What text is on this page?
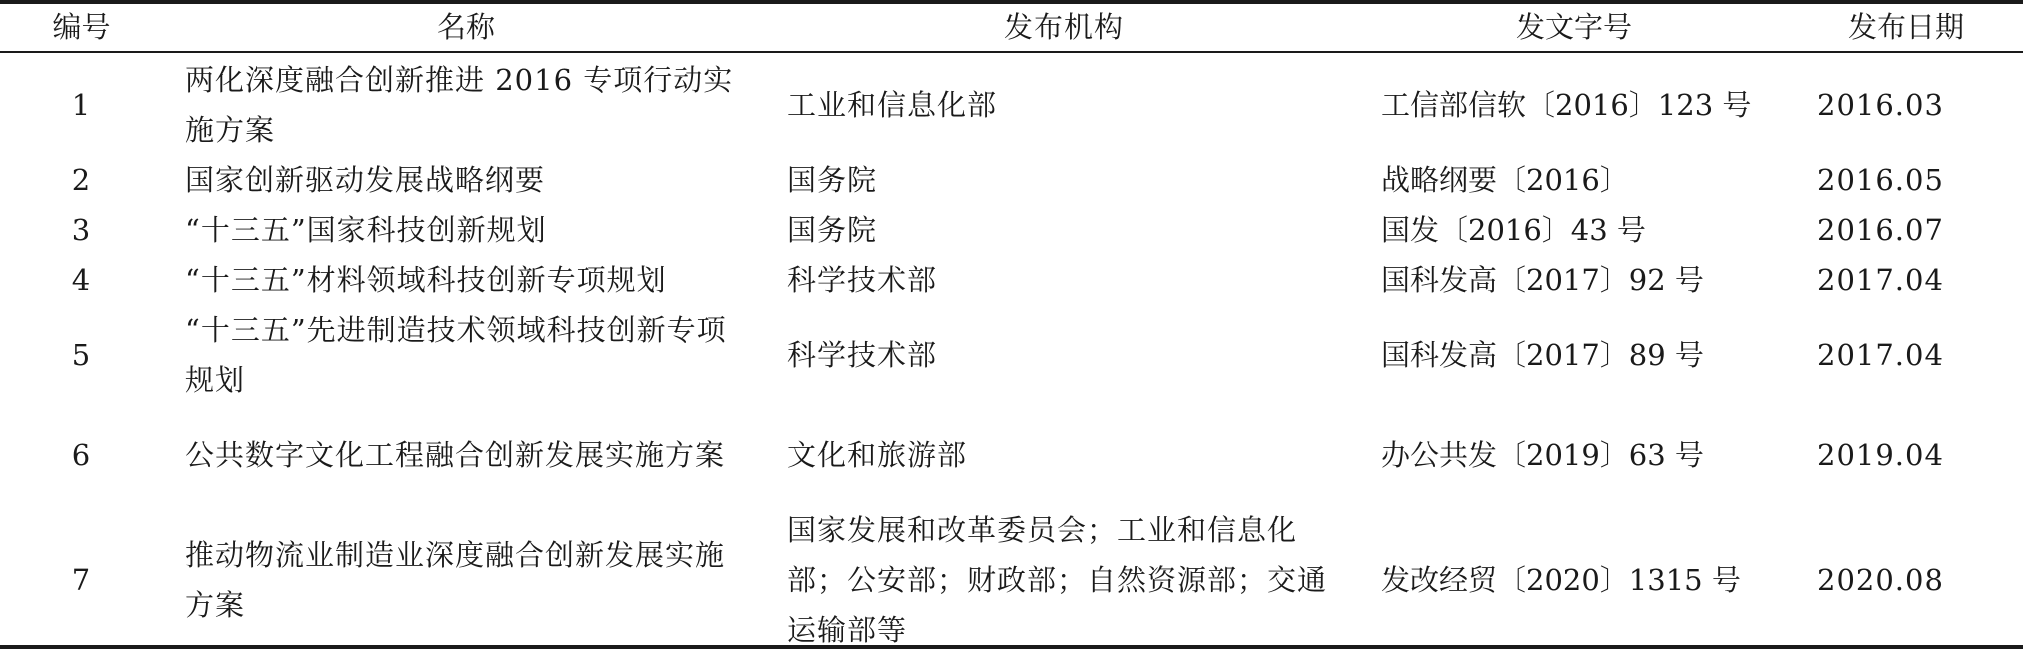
编号	名称	发布机构	发文字号	发布日期
1	两化深度融合创新推进 2016 专项行动实施方案	工业和信息化部	工信部信软〔2016〕123 号	2016.03
2	国家创新驱动发展战略纲要	国务院	战略纲要〔2016〕	2016.05
3	“十三五”国家科技创新规划	国务院	国发〔2016〕43 号	2016.07
4	“十三五”材料领域科技创新专项规划	科学技术部	国科发高〔2017〕92 号	2017.04
5	“十三五”先进制造技术领域科技创新专项规划	科学技术部	国科发高〔2017〕89 号	2017.04
6	公共数字文化工程融合创新发展实施方案	文化和旅游部	办公共发〔2019〕63 号	2019.04
7	推动物流业制造业深度融合创新发展实施方案	国家发展和改革委员会；工业和信息化部；公安部；财政部；自然资源部；交通运输部等	发改经贸〔2020〕1315 号	2020.08
